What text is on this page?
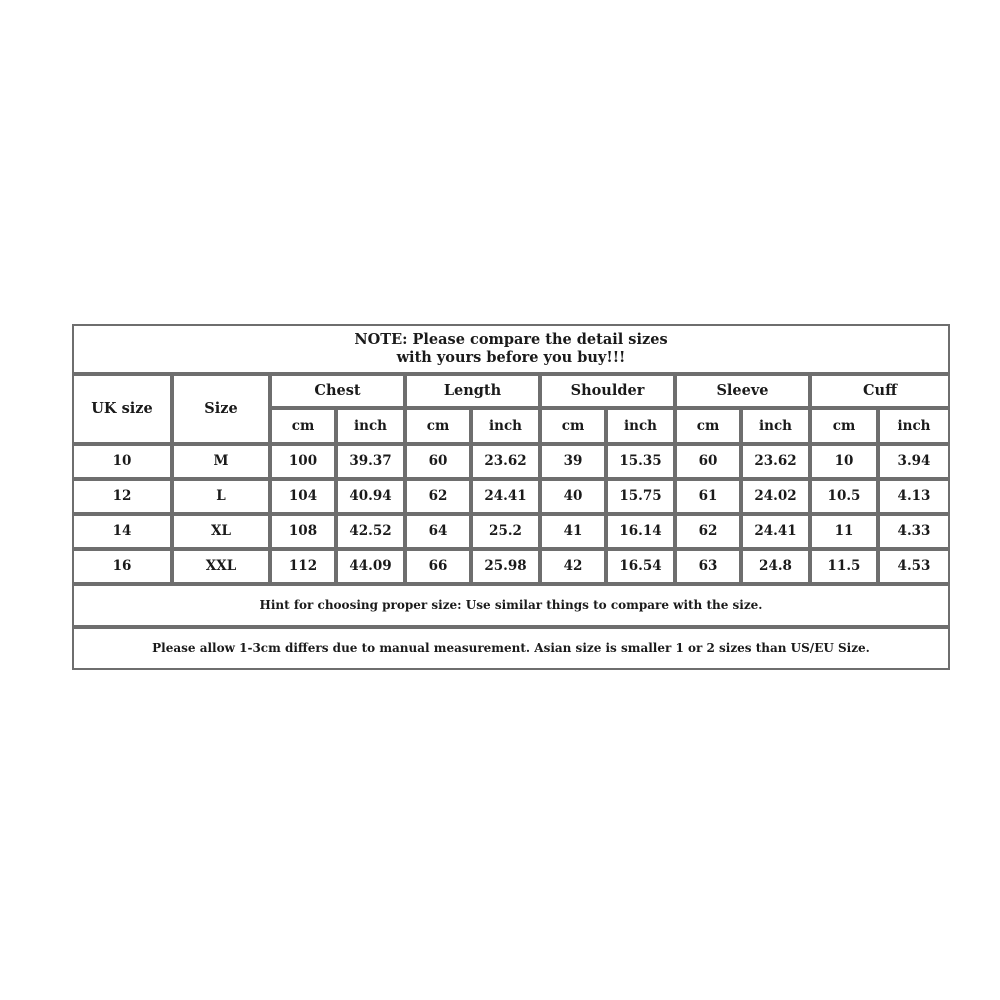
NOTE: Please compare the detail sizes
with yours before you buy!!!
UK size	Size
Chest	Length	Shoulder	Sleeve	Cuff
cm	inch	cm	inch	cm	inch	cm	inch	cm	inch
10	M	100	39.37	60	23.62	39	15.35	60	23.62	10	3.94
12	L	104	40.94	62	24.41	40	15.75	61	24.02	10.5	4.13
14	XL	108	42.52	64	25.2	41	16.14	62	24.41	11	4.33
16	XXL	112	44.09	66	25.98	42	16.54	63	24.8	11.5	4.53
Hint for choosing proper size: Use similar things to compare with the size.
Please allow 1-3cm differs due to manual measurement. Asian size is smaller 1 or 2 sizes than US/EU Size.
